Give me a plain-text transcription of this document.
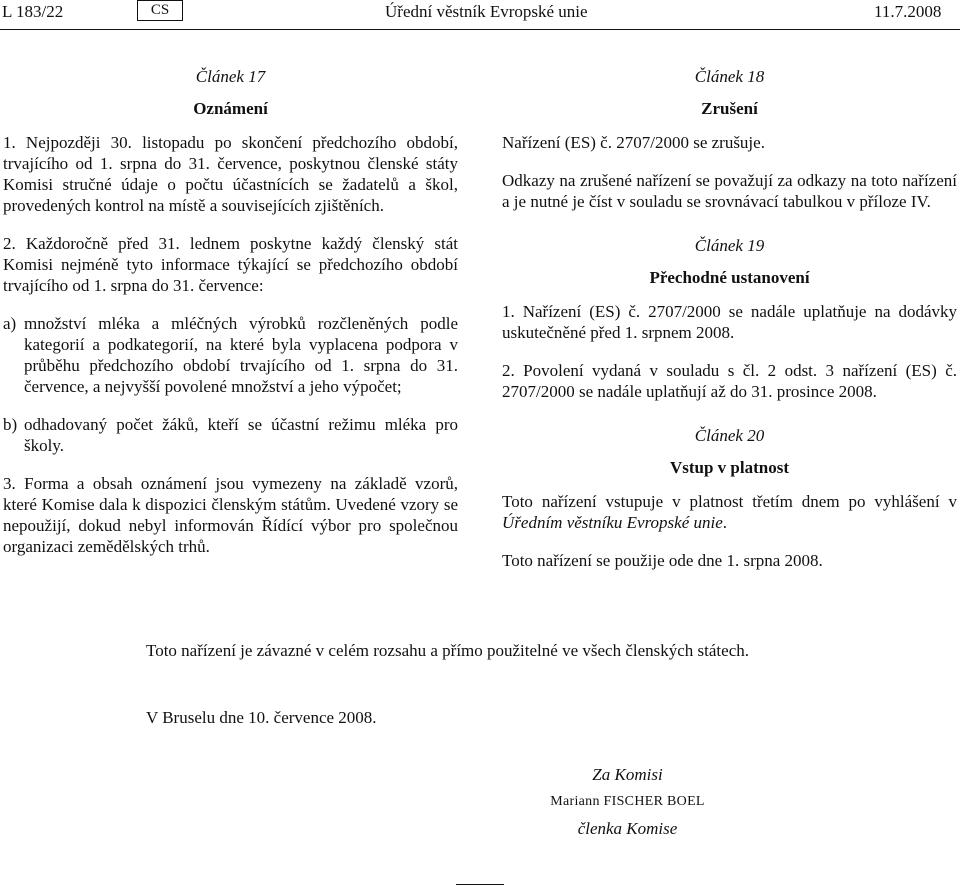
L 183/22	CS	Úřední věstník Evropské unie	11.7.2008
Článek 17
Oznámení

1. Nejpozději 30. listopadu po skončení předchozího období, trvajícího od 1. srpna do 31. července, poskytnou členské státy Komisi stručné údaje o počtu účastnících se žadatelů a škol, provedených kontrol na místě a souvisejících zjištěních.

2. Každoročně před 31. lednem poskytne každý členský stát Komisi nejméně tyto informace týkající se předchozího období trvajícího od 1. srpna do 31. července:

a) množství mléka a mléčných výrobků rozčleněných podle kategorií a podkategorií, na které byla vyplacena podpora v průběhu předchozího období trvajícího od 1. srpna do 31. července, a nejvyšší povolené množství a jeho výpočet;
b) odhadovaný počet žáků, kteří se účastní režimu mléka pro školy.

3. Forma a obsah oznámení jsou vymezeny na základě vzorů, které Komise dala k dispozici členským státům. Uvedené vzory se nepoužijí, dokud nebyl informován Řídící výbor pro společnou organizaci zemědělských trhů.

Článek 18
Zrušení

Nařízení (ES) č. 2707/2000 se zrušuje.

Odkazy na zrušené nařízení se považují za odkazy na toto nařízení a je nutné je číst v souladu se srovnávací tabulkou v příloze IV.

Článek 19
Přechodné ustanovení

1. Nařízení (ES) č. 2707/2000 se nadále uplatňuje na dodávky uskutečněné před 1. srpnem 2008.

2. Povolení vydaná v souladu s čl. 2 odst. 3 nařízení (ES) č. 2707/2000 se nadále uplatňují až do 31. prosince 2008.

Článek 20
Vstup v platnost

Toto nařízení vstupuje v platnost třetím dnem po vyhlášení v Úředním věstníku Evropské unie.

Toto nařízení se použije ode dne 1. srpna 2008.

Toto nařízení je závazné v celém rozsahu a přímo použitelné ve všech členských státech.
V Bruselu dne 10. července 2008.
Za Komisi
Mariann FISCHER BOEL
členka Komise
